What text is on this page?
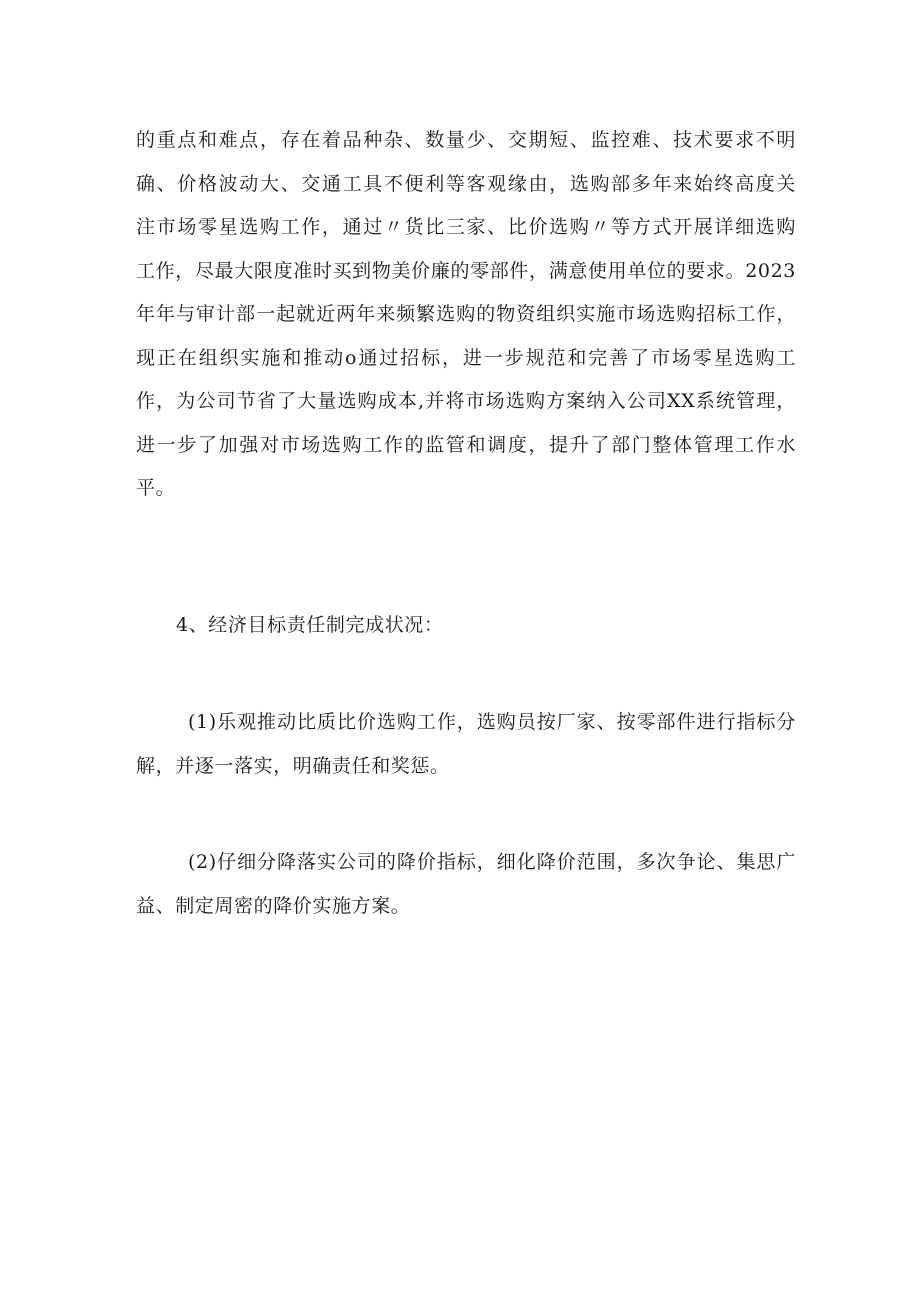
的重点和难点，存在着品种杂、数量少、交期短、监控难、技术要求不明
确、价格波动大、交通工具不便利等客观缘由，选购部多年来始终高度关
注市场零星选购工作，通过〃货比三家、比价选购〃等方式开展详细选购
工作，尽最大限度准时买到物美价廉的零部件，满意使用单位的要求。2023
年年与审计部一起就近两年来频繁选购的物资组织实施市场选购招标工作，
现正在组织实施和推动o通过招标，进一步规范和完善了市场零星选购工
作，为公司节省了大量选购成本,并将市场选购方案纳入公司XX系统管理，
进一步了加强对市场选购工作的监管和调度，提升了部门整体管理工作水
平。
4、经济目标责任制完成状况：
(1)乐观推动比质比价选购工作，选购员按厂家、按零部件进行指标分
解，并逐一落实，明确责任和奖惩。
(2)仔细分降落实公司的降价指标，细化降价范围，多次争论、集思广
益、制定周密的降价实施方案。
